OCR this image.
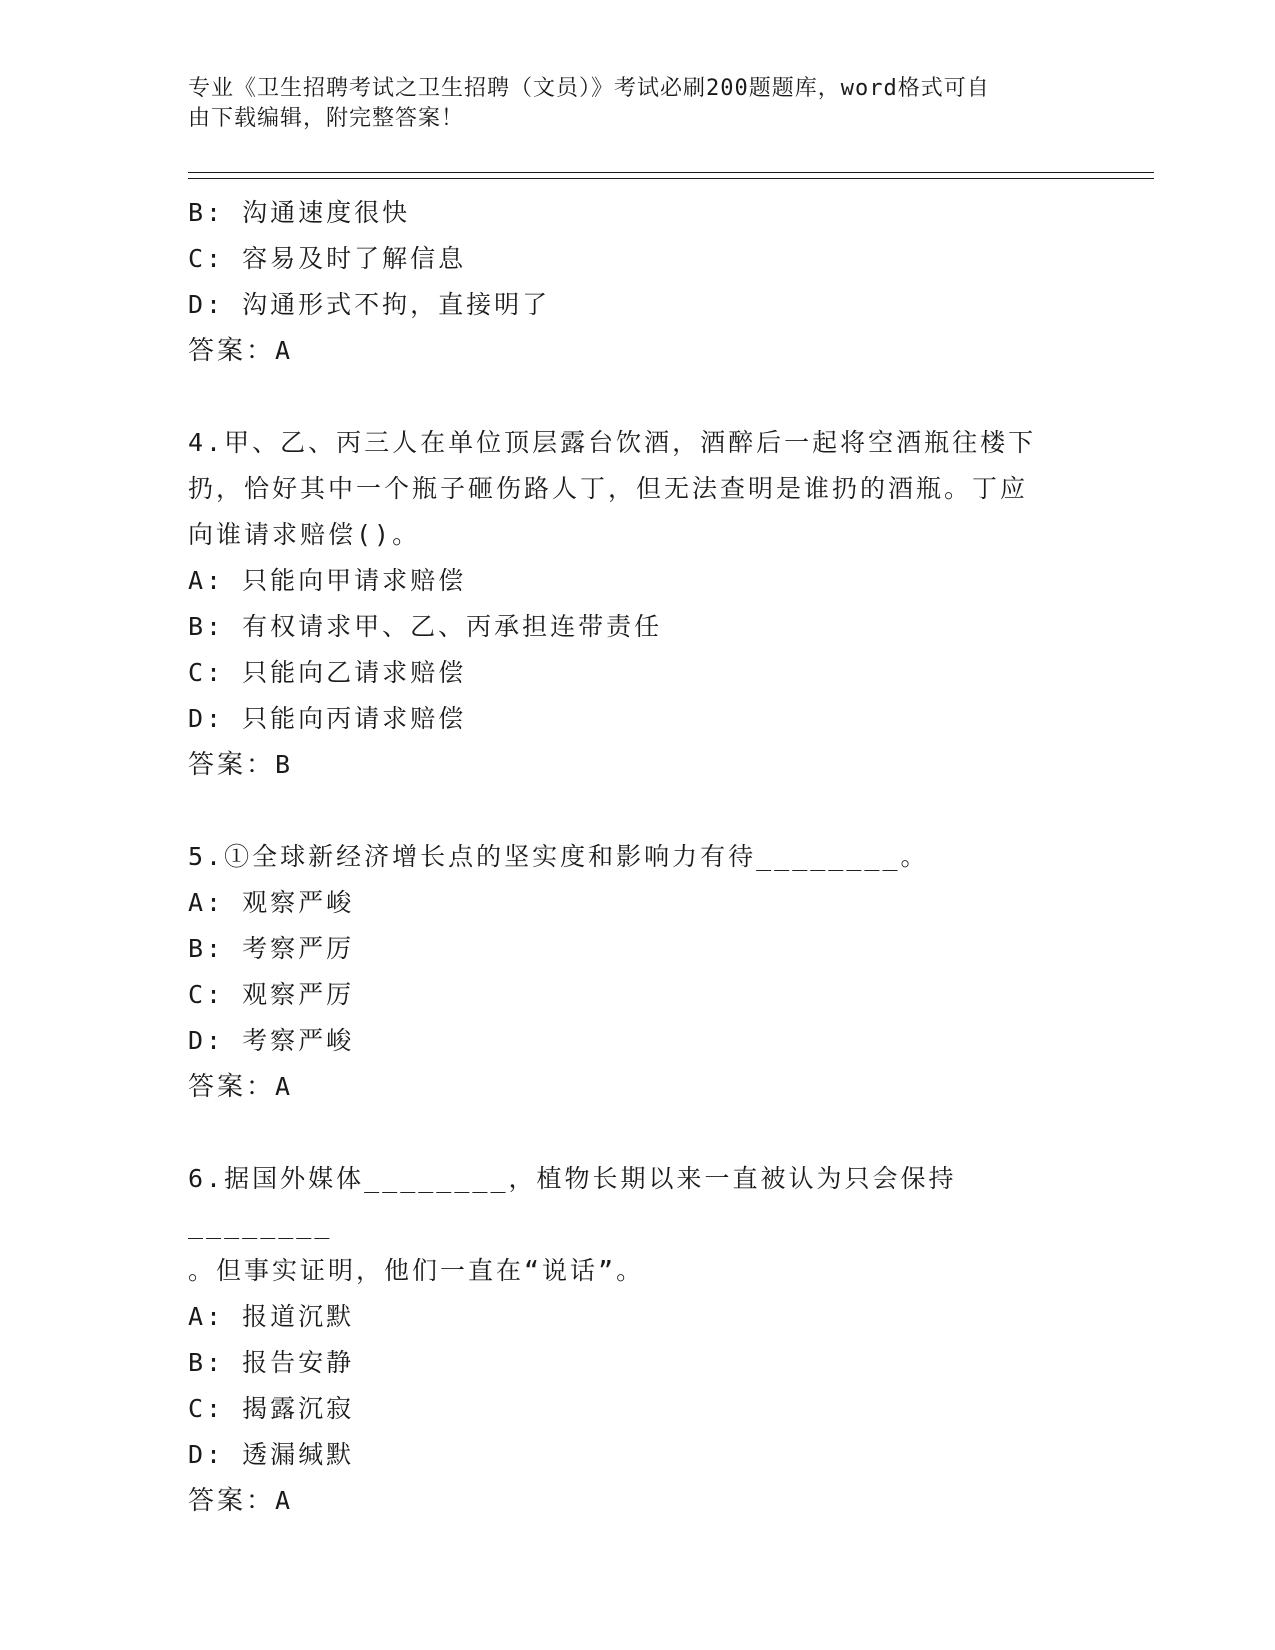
专业《卫生招聘考试之卫生招聘（文员）》考试必刷200题题库，word格式可自
由下载编辑，附完整答案！
B: 沟通速度很快
C: 容易及时了解信息
D: 沟通形式不拘，直接明了
答案：A
4.甲、乙、丙三人在单位顶层露台饮酒，酒醉后一起将空酒瓶往楼下
扔，恰好其中一个瓶子砸伤路人丁，但无法查明是谁扔的酒瓶。丁应
向谁请求赔偿()。
A: 只能向甲请求赔偿
B: 有权请求甲、乙、丙承担连带责任
C: 只能向乙请求赔偿
D: 只能向丙请求赔偿
答案：B
5.①全球新经济增长点的坚实度和影响力有待________。
A: 观察严峻
B: 考察严厉
C: 观察严厉
D: 考察严峻
答案：A
6.据国外媒体________，植物长期以来一直被认为只会保持________
。但事实证明，他们一直在“说话”。
A: 报道沉默
B: 报告安静
C: 揭露沉寂
D: 透漏缄默
答案：A
